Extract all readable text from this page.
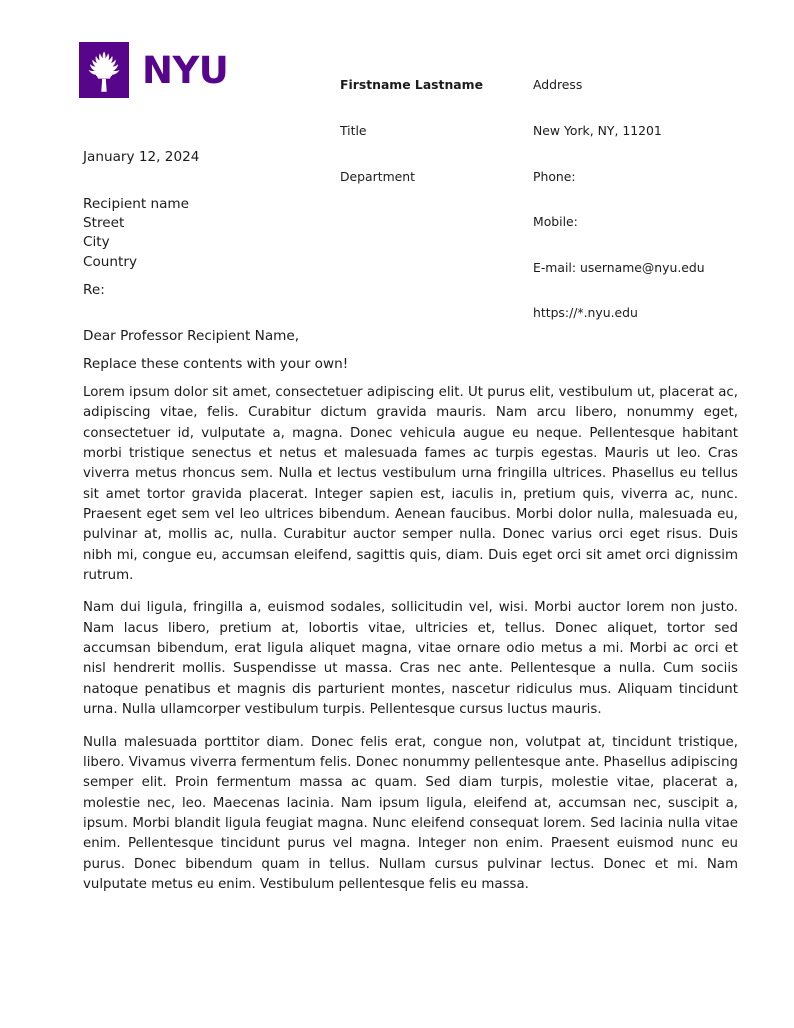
NYU

	Firstname Lastname

Title

Department

Address

New York, NY, 11201

Phone:

Mobile:

E-mail: username@nyu.edu

https://*.nyu.edu

January 12, 2024
Recipient name
Street
City
Country
Re:
Dear Professor Recipient Name,
Replace these contents with your own!

Lorem ipsum dolor sit amet, consectetuer adipiscing elit. Ut purus elit, vestibulum ut, placerat ac, adipiscing vitae, felis. Curabitur dictum gravida mauris. Nam arcu libero, nonummy eget, consectetuer id, vulputate a, magna. Donec vehicula augue eu neque. Pellentesque habitant morbi tristique senectus et netus et malesuada fames ac turpis egestas. Mauris ut leo. Cras viverra metus rhoncus sem. Nulla et lectus vestibulum urna fringilla ultrices. Phasellus eu tellus sit amet tortor gravida placerat. Integer sapien est, iaculis in, pretium quis, viverra ac, nunc. Praesent eget sem vel leo ultrices bibendum. Aenean faucibus. Morbi dolor nulla, malesuada eu, pulvinar at, mollis ac, nulla. Curabitur auctor semper nulla. Donec varius orci eget risus. Duis nibh mi, congue eu, accumsan eleifend, sagittis quis, diam. Duis eget orci sit amet orci dignissim rutrum.

Nam dui ligula, fringilla a, euismod sodales, sollicitudin vel, wisi. Morbi auctor lorem non justo. Nam lacus libero, pretium at, lobortis vitae, ultricies et, tellus. Donec aliquet, tortor sed accumsan bibendum, erat ligula aliquet magna, vitae ornare odio metus a mi. Morbi ac orci et nisl hendrerit mollis. Suspendisse ut massa. Cras nec ante. Pellentesque a nulla. Cum sociis natoque penatibus et magnis dis parturient montes, nascetur ridiculus mus. Aliquam tincidunt urna. Nulla ullamcorper vestibulum turpis. Pellentesque cursus luctus mauris.

Nulla malesuada porttitor diam. Donec felis erat, congue non, volutpat at, tincidunt tristique, libero. Vivamus viverra fermentum felis. Donec nonummy pellentesque ante. Phasellus adipiscing semper elit. Proin fermentum massa ac quam. Sed diam turpis, molestie vitae, placerat a, molestie nec, leo. Maecenas lacinia. Nam ipsum ligula, eleifend at, accumsan nec, suscipit a, ipsum. Morbi blandit ligula feugiat magna. Nunc eleifend consequat lorem. Sed lacinia nulla vitae enim. Pellentesque tincidunt purus vel magna. Integer non enim. Praesent euismod nunc eu purus. Donec bibendum quam in tellus. Nullam cursus pulvinar lectus. Donec et mi. Nam vulputate metus eu enim. Vestibulum pellentesque felis eu massa.
